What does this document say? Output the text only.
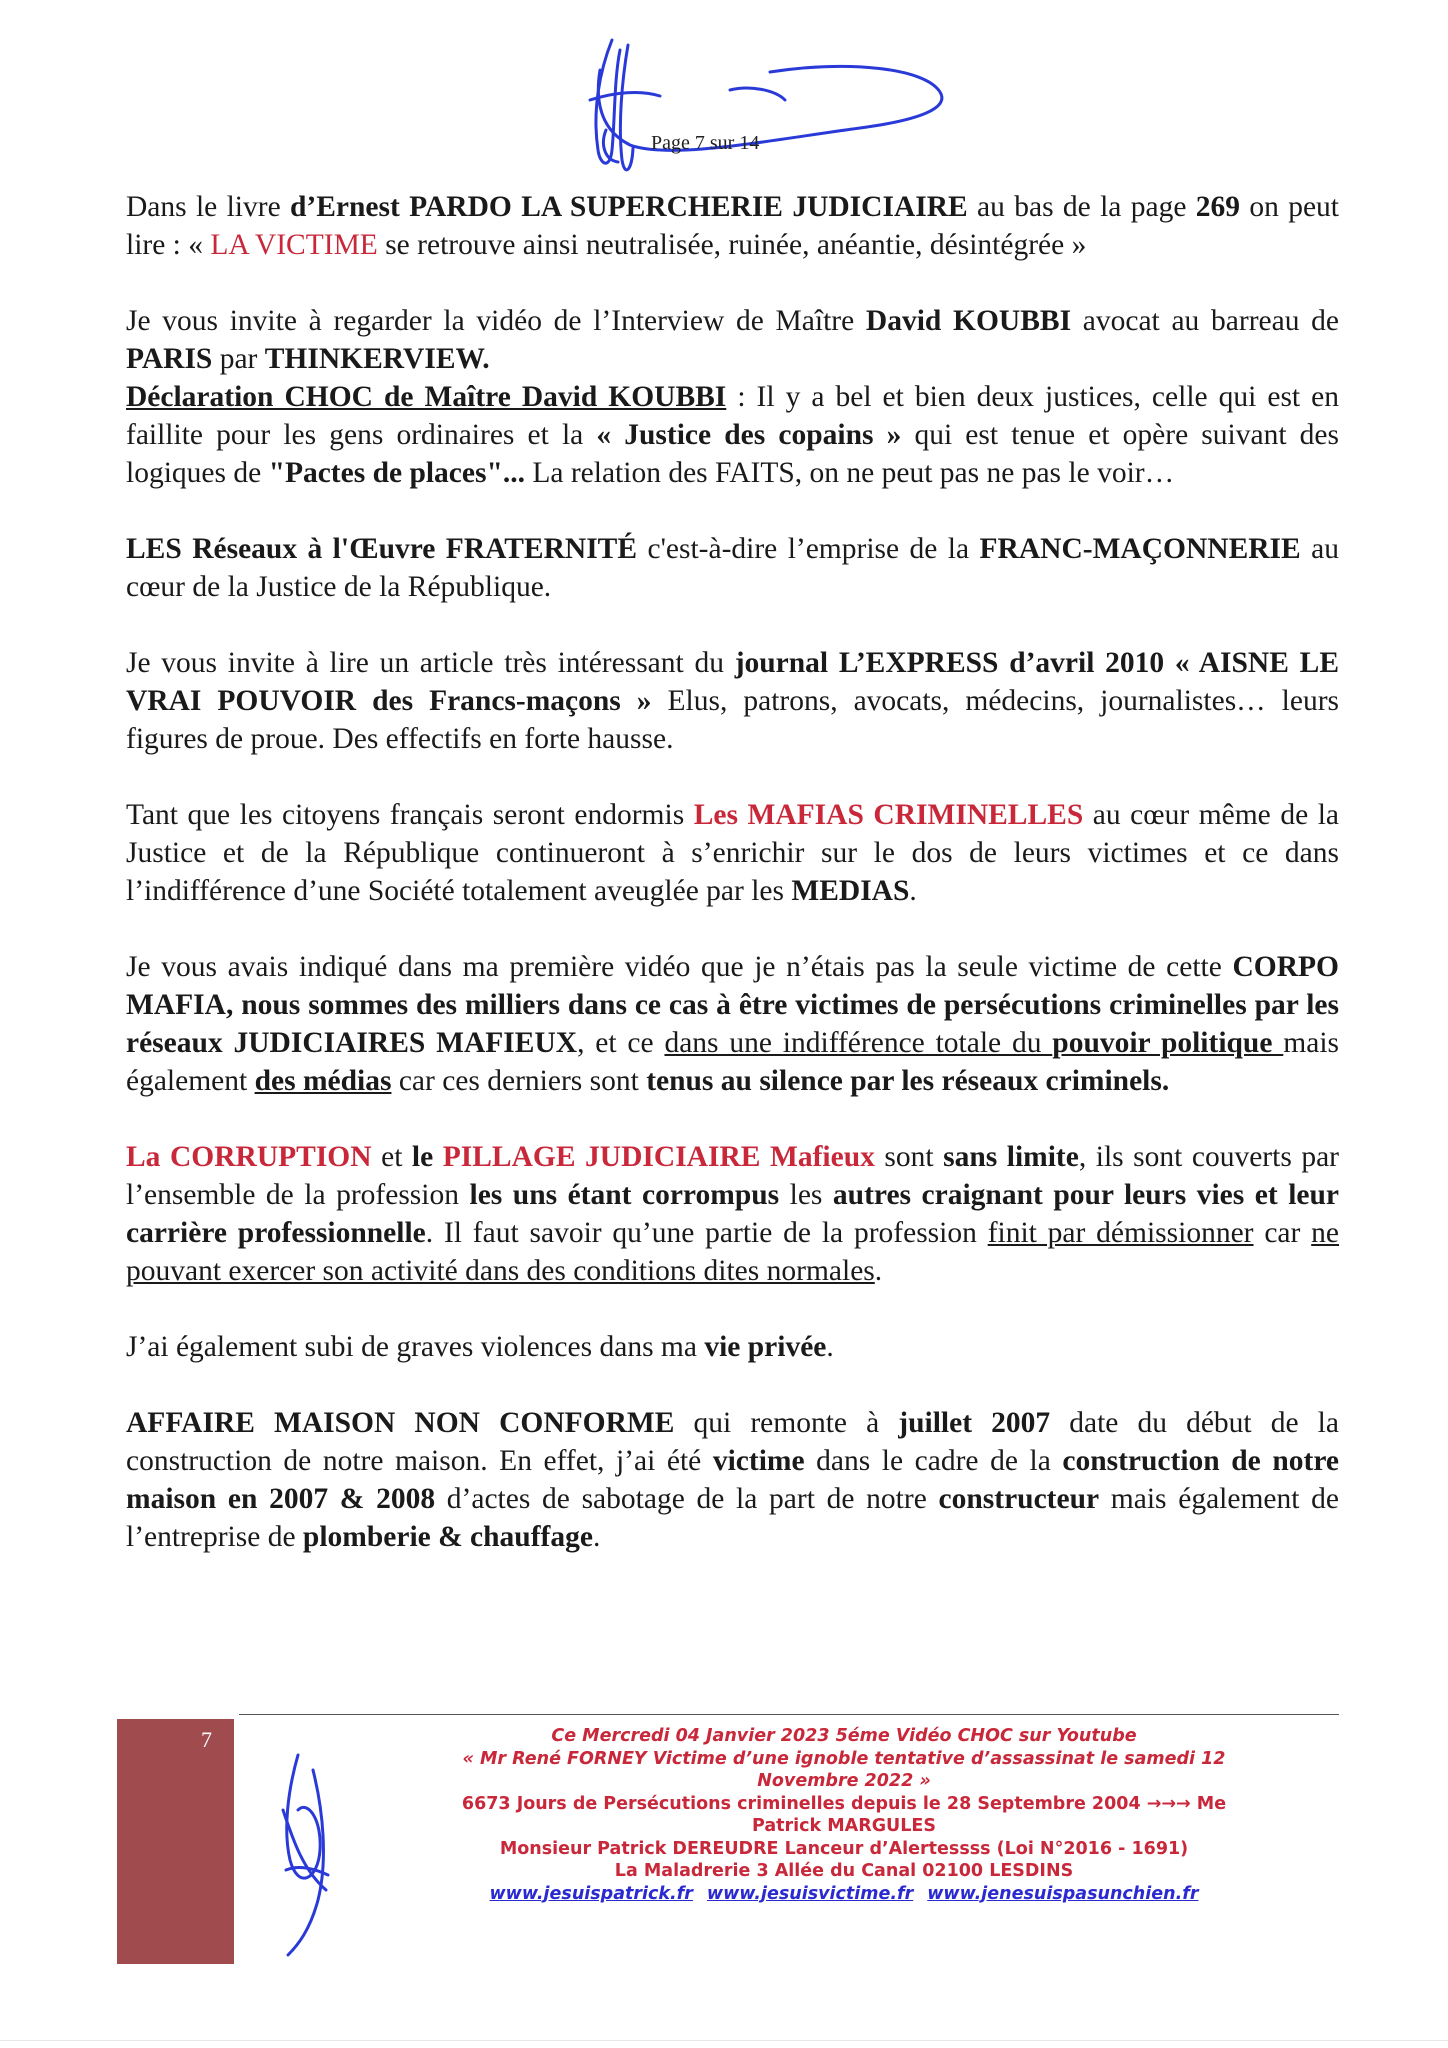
Page 7 sur 14

Dans le livre d’Ernest PARDO LA SUPERCHERIE JUDICIAIRE au bas de la page 269 on peut lire : « LA VICTIME se retrouve ainsi neutralisée, ruinée, anéantie, désintégrée »

Je vous invite à regarder la vidéo de l’Interview de Maître David KOUBBI avocat au barreau de PARIS par THINKERVIEW.
Déclaration CHOC de Maître David KOUBBI : Il y a bel et bien deux justices, celle qui est en faillite pour les gens ordinaires et la « Justice des copains » qui est tenue et opère suivant des logiques de "Pactes de places"... La relation des FAITS, on ne peut pas ne pas le voir…

LES Réseaux à l'Œuvre FRATERNITÉ c'est-à-dire l’emprise de la FRANC-MAÇONNERIE au cœur de la Justice de la République.

Je vous invite à lire un article très intéressant du journal L’EXPRESS d’avril 2010 « AISNE LE VRAI POUVOIR des Francs-maçons » Elus, patrons, avocats, médecins, journalistes… leurs figures de proue. Des effectifs en forte hausse.

Tant que les citoyens français seront endormis Les MAFIAS CRIMINELLES au cœur même de la Justice et de la République continueront à s’enrichir sur le dos de leurs victimes et ce dans l’indifférence d’une Société totalement aveuglée par les MEDIAS.

Je vous avais indiqué dans ma première vidéo que je n’étais pas la seule victime de cette CORPO MAFIA, nous sommes des milliers dans ce cas à être victimes de persécutions criminelles par les réseaux JUDICIAIRES MAFIEUX, et ce dans une indifférence totale du pouvoir politique mais également des médias car ces derniers sont tenus au silence par les réseaux criminels.

La CORRUPTION et le PILLAGE JUDICIAIRE Mafieux sont sans limite, ils sont couverts par l’ensemble de la profession les uns étant corrompus les autres craignant pour leurs vies et leur carrière professionnelle. Il faut savoir qu’une partie de la profession finit par démissionner car ne pouvant exercer son activité dans des conditions dites normales.

J’ai également subi de graves violences dans ma vie privée.

AFFAIRE MAISON NON CONFORME qui remonte à juillet 2007 date du début de la construction de notre maison. En effet, j’ai été victime dans le cadre de la construction de notre maison en 2007 & 2008 d’actes de sabotage de la part de notre constructeur mais également de l’entreprise de plomberie & chauffage.

7	Ce Mercredi 04 Janvier 2023 5éme Vidéo CHOC sur Youtube
« Mr René FORNEY Victime d’une ignoble tentative d’assassinat le samedi 12 Novembre 2022 »
6673 Jours de Persécutions criminelles depuis le 28 Septembre 2004 →→→ Me Patrick MARGULES
Monsieur Patrick DEREUDRE Lanceur d’Alertessss (Loi N°2016 - 1691)
La Maladrerie 3 Allée du Canal 02100 LESDINS
www.jesuispatrick.fr www.jesuisvictime.fr www.jenesuispasunchien.fr
